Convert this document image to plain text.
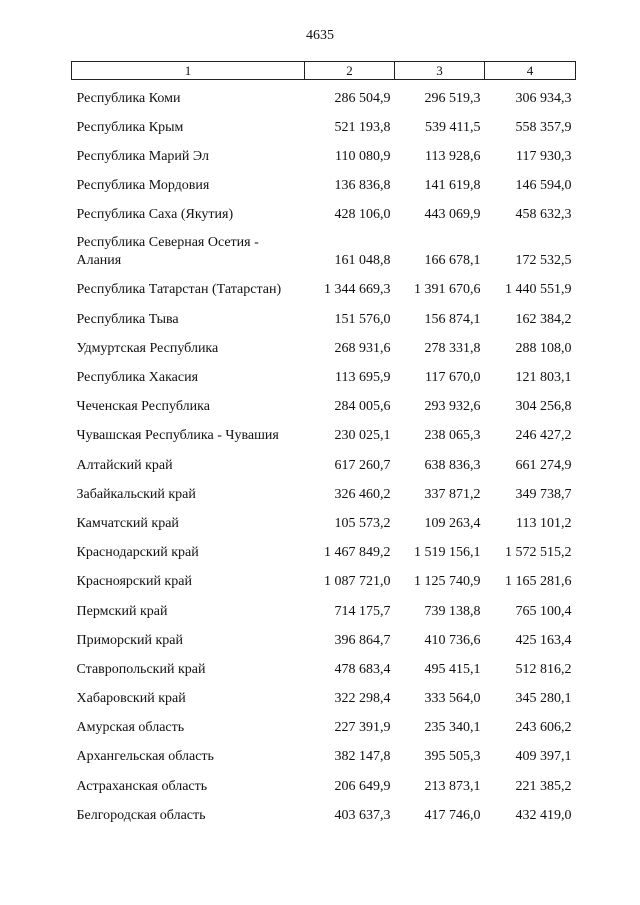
4635
1	2	3	4
Республика Коми	286 504,9	296 519,3	306 934,3
Республика Крым	521 193,8	539 411,5	558 357,9
Республика Марий Эл	110 080,9	113 928,6	117 930,3
Республика Мордовия	136 836,8	141 619,8	146 594,0
Республика Саха (Якутия)	428 106,0	443 069,9	458 632,3
Республика Северная Осетия - Алания	161 048,8	166 678,1	172 532,5
Республика Татарстан (Татарстан)	1 344 669,3	1 391 670,6	1 440 551,9
Республика Тыва	151 576,0	156 874,1	162 384,2
Удмуртская Республика	268 931,6	278 331,8	288 108,0
Республика Хакасия	113 695,9	117 670,0	121 803,1
Чеченская Республика	284 005,6	293 932,6	304 256,8
Чувашская Республика - Чувашия	230 025,1	238 065,3	246 427,2
Алтайский край	617 260,7	638 836,3	661 274,9
Забайкальский край	326 460,2	337 871,2	349 738,7
Камчатский край	105 573,2	109 263,4	113 101,2
Краснодарский край	1 467 849,2	1 519 156,1	1 572 515,2
Красноярский край	1 087 721,0	1 125 740,9	1 165 281,6
Пермский край	714 175,7	739 138,8	765 100,4
Приморский край	396 864,7	410 736,6	425 163,4
Ставропольский край	478 683,4	495 415,1	512 816,2
Хабаровский край	322 298,4	333 564,0	345 280,1
Амурская область	227 391,9	235 340,1	243 606,2
Архангельская область	382 147,8	395 505,3	409 397,1
Астраханская область	206 649,9	213 873,1	221 385,2
Белгородская область	403 637,3	417 746,0	432 419,0
